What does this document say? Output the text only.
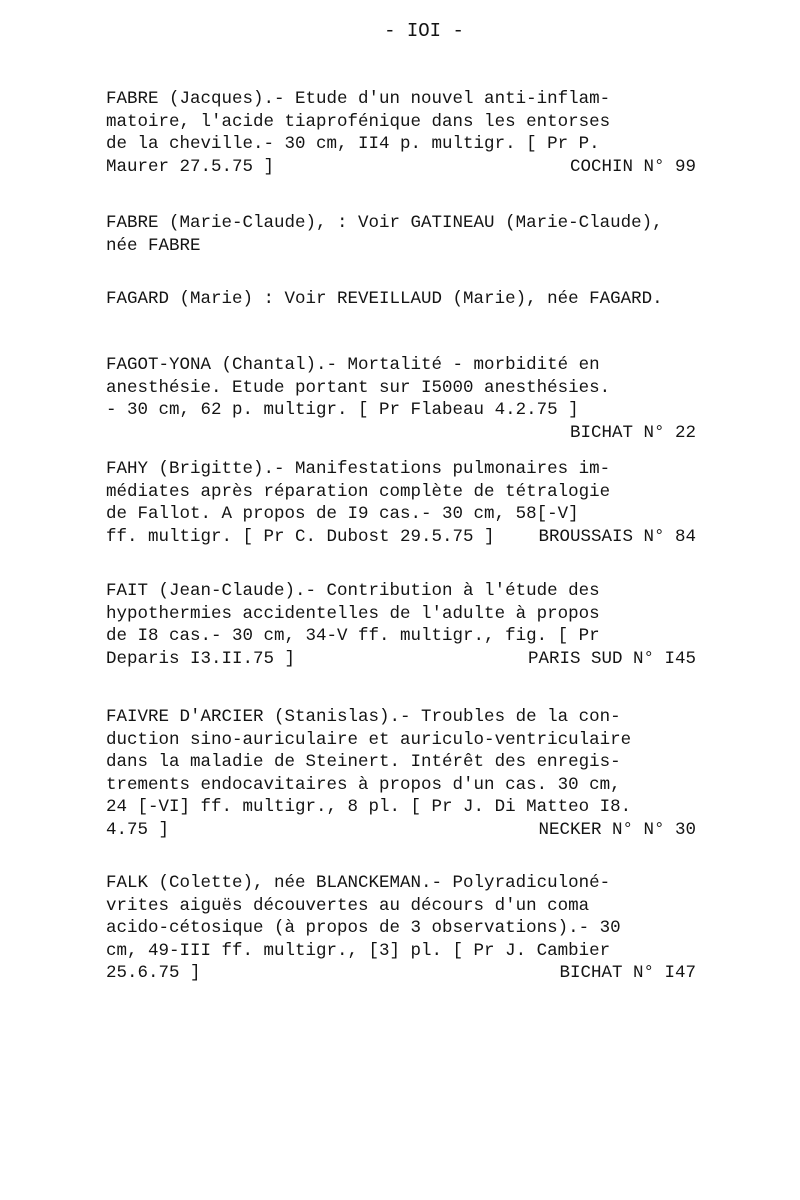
- IOI -
FABRE (Jacques).- Etude d'un nouvel anti-inflam-
matoire, l'acide tiaprofénique dans les entorses
de la cheville.- 30 cm, II4 p. multigr. [ Pr P.
Maurer 27.5.75 ]	COCHIN N° 99
FABRE (Marie-Claude), : Voir GATINEAU (Marie-Claude),
née FABRE
FAGARD (Marie) : Voir REVEILLAUD (Marie), née FAGARD.
FAGOT-YONA (Chantal).- Mortalité - morbidité en
anesthésie. Etude portant sur I5000 anesthésies.
- 30 cm, 62 p. multigr. [ Pr Flabeau 4.2.75 ]
BICHAT N° 22
FAHY (Brigitte).- Manifestations pulmonaires im-
médiates après réparation complète de tétralogie
de Fallot. A propos de I9 cas.- 30 cm, 58[-V]
ff. multigr. [ Pr C. Dubost 29.5.75 ]	BROUSSAIS N° 84
FAIT (Jean-Claude).- Contribution à l'étude des
hypothermies accidentelles de l'adulte à propos
de I8 cas.- 30 cm, 34-V ff. multigr., fig. [ Pr
Deparis I3.II.75 ]	PARIS SUD N° I45
FAIVRE D'ARCIER (Stanislas).- Troubles de la con-
duction sino-auriculaire et auriculo-ventriculaire
dans la maladie de Steinert. Intérêt des enregis-
trements endocavitaires à propos d'un cas. 30 cm,
24 [-VI] ff. multigr., 8 pl. [ Pr J. Di Matteo I8.
4.75 ]	NECKER N° N° 30
FALK (Colette), née BLANCKEMAN.- Polyradiculoné-
vrites aiguës découvertes au décours d'un coma
acido-cétosique (à propos de 3 observations).- 30
cm, 49-III ff. multigr., [3] pl. [ Pr J. Cambier
25.6.75 ]	BICHAT N° I47
